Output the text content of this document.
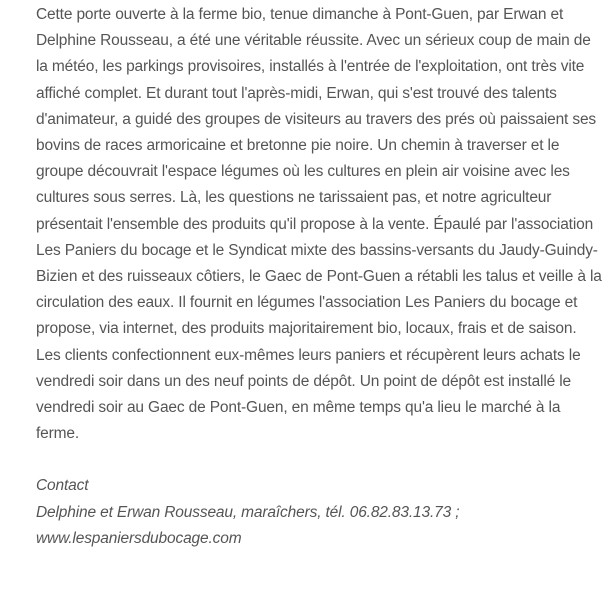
Cette porte ouverte à la ferme bio, tenue dimanche à Pont-Guen, par Erwan et Delphine Rousseau, a été une véritable réussite. Avec un sérieux coup de main de la météo, les parkings provisoires, installés à l'entrée de l'exploitation, ont très vite affiché complet. Et durant tout l'après-midi, Erwan, qui s'est trouvé des talents d'animateur, a guidé des groupes de visiteurs au travers des prés où paissaient ses bovins de races armoricaine et bretonne pie noire. Un chemin à traverser et le groupe découvrait l'espace légumes où les cultures en plein air voisine avec les cultures sous serres. Là, les questions ne tarissaient pas, et notre agriculteur présentait l'ensemble des produits qu'il propose à la vente. Épaulé par l'association Les Paniers du bocage et le Syndicat mixte des bassins-versants du Jaudy-Guindy-Bizien et des ruisseaux côtiers, le Gaec de Pont-Guen a rétabli les talus et veille à la circulation des eaux. Il fournit en légumes l'association Les Paniers du bocage et propose, via internet, des produits majoritairement bio, locaux, frais et de saison. Les clients confectionnent eux-mêmes leurs paniers et récupèrent leurs achats le vendredi soir dans un des neuf points de dépôt. Un point de dépôt est installé le vendredi soir au Gaec de Pont-Guen, en même temps qu'a lieu le marché à la ferme.

Contact
Delphine et Erwan Rousseau, maraîchers, tél. 06.82.83.13.73 ;
www.lespaniersdubocage.com
